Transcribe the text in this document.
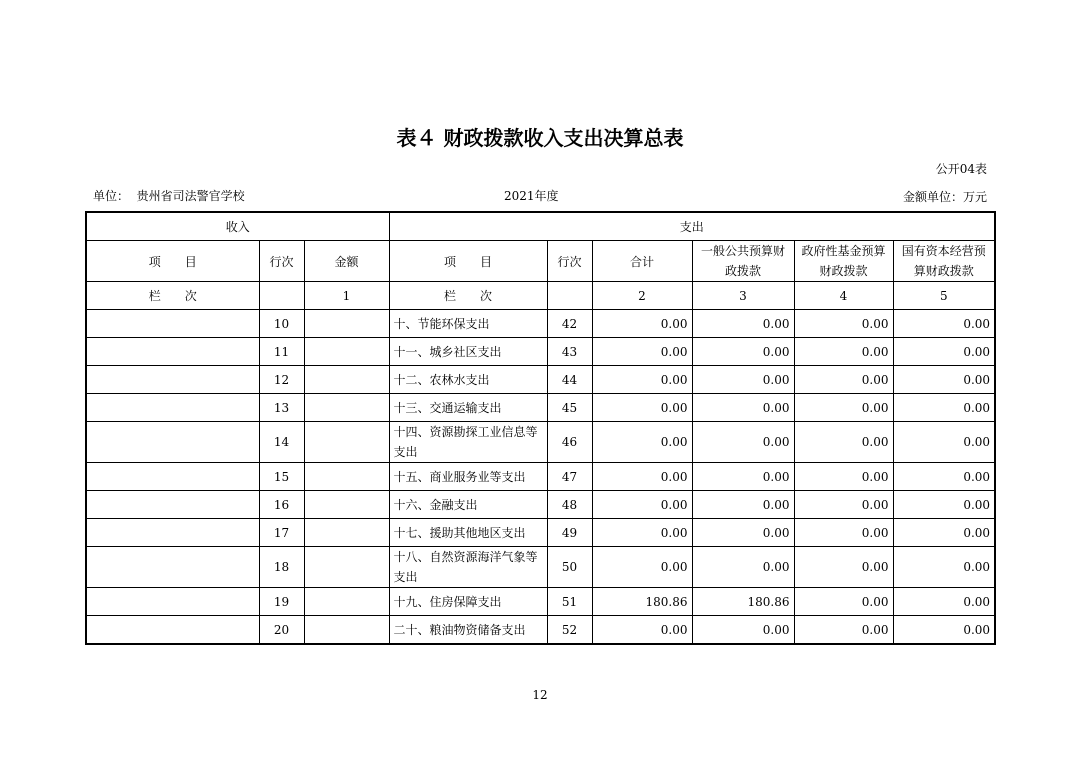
表４ 财政拨款收入支出决算总表
公开04表
单位： 贵州省司法警官学校	2021年度	金额单位：万元
收入			支出					
项　　目	行次	金额	项　　目	行次	合计	一般公共预算财政拨款	政府性基金预算财政拨款	国有资本经营预算财政拨款
栏　　次		1	栏　　次		2	3	4	5
	10		十、节能环保支出	42	0.00	0.00	0.00	0.00
	11		十一、城乡社区支出	43	0.00	0.00	0.00	0.00
	12		十二、农林水支出	44	0.00	0.00	0.00	0.00
	13		十三、交通运输支出	45	0.00	0.00	0.00	0.00
	14		十四、资源勘探工业信息等支出	46	0.00	0.00	0.00	0.00
	15		十五、商业服务业等支出	47	0.00	0.00	0.00	0.00
	16		十六、金融支出	48	0.00	0.00	0.00	0.00
	17		十七、援助其他地区支出	49	0.00	0.00	0.00	0.00
	18		十八、自然资源海洋气象等支出	50	0.00	0.00	0.00	0.00
	19		十九、住房保障支出	51	180.86	180.86	0.00	0.00
	20		二十、粮油物资储备支出	52	0.00	0.00	0.00	0.00
12
